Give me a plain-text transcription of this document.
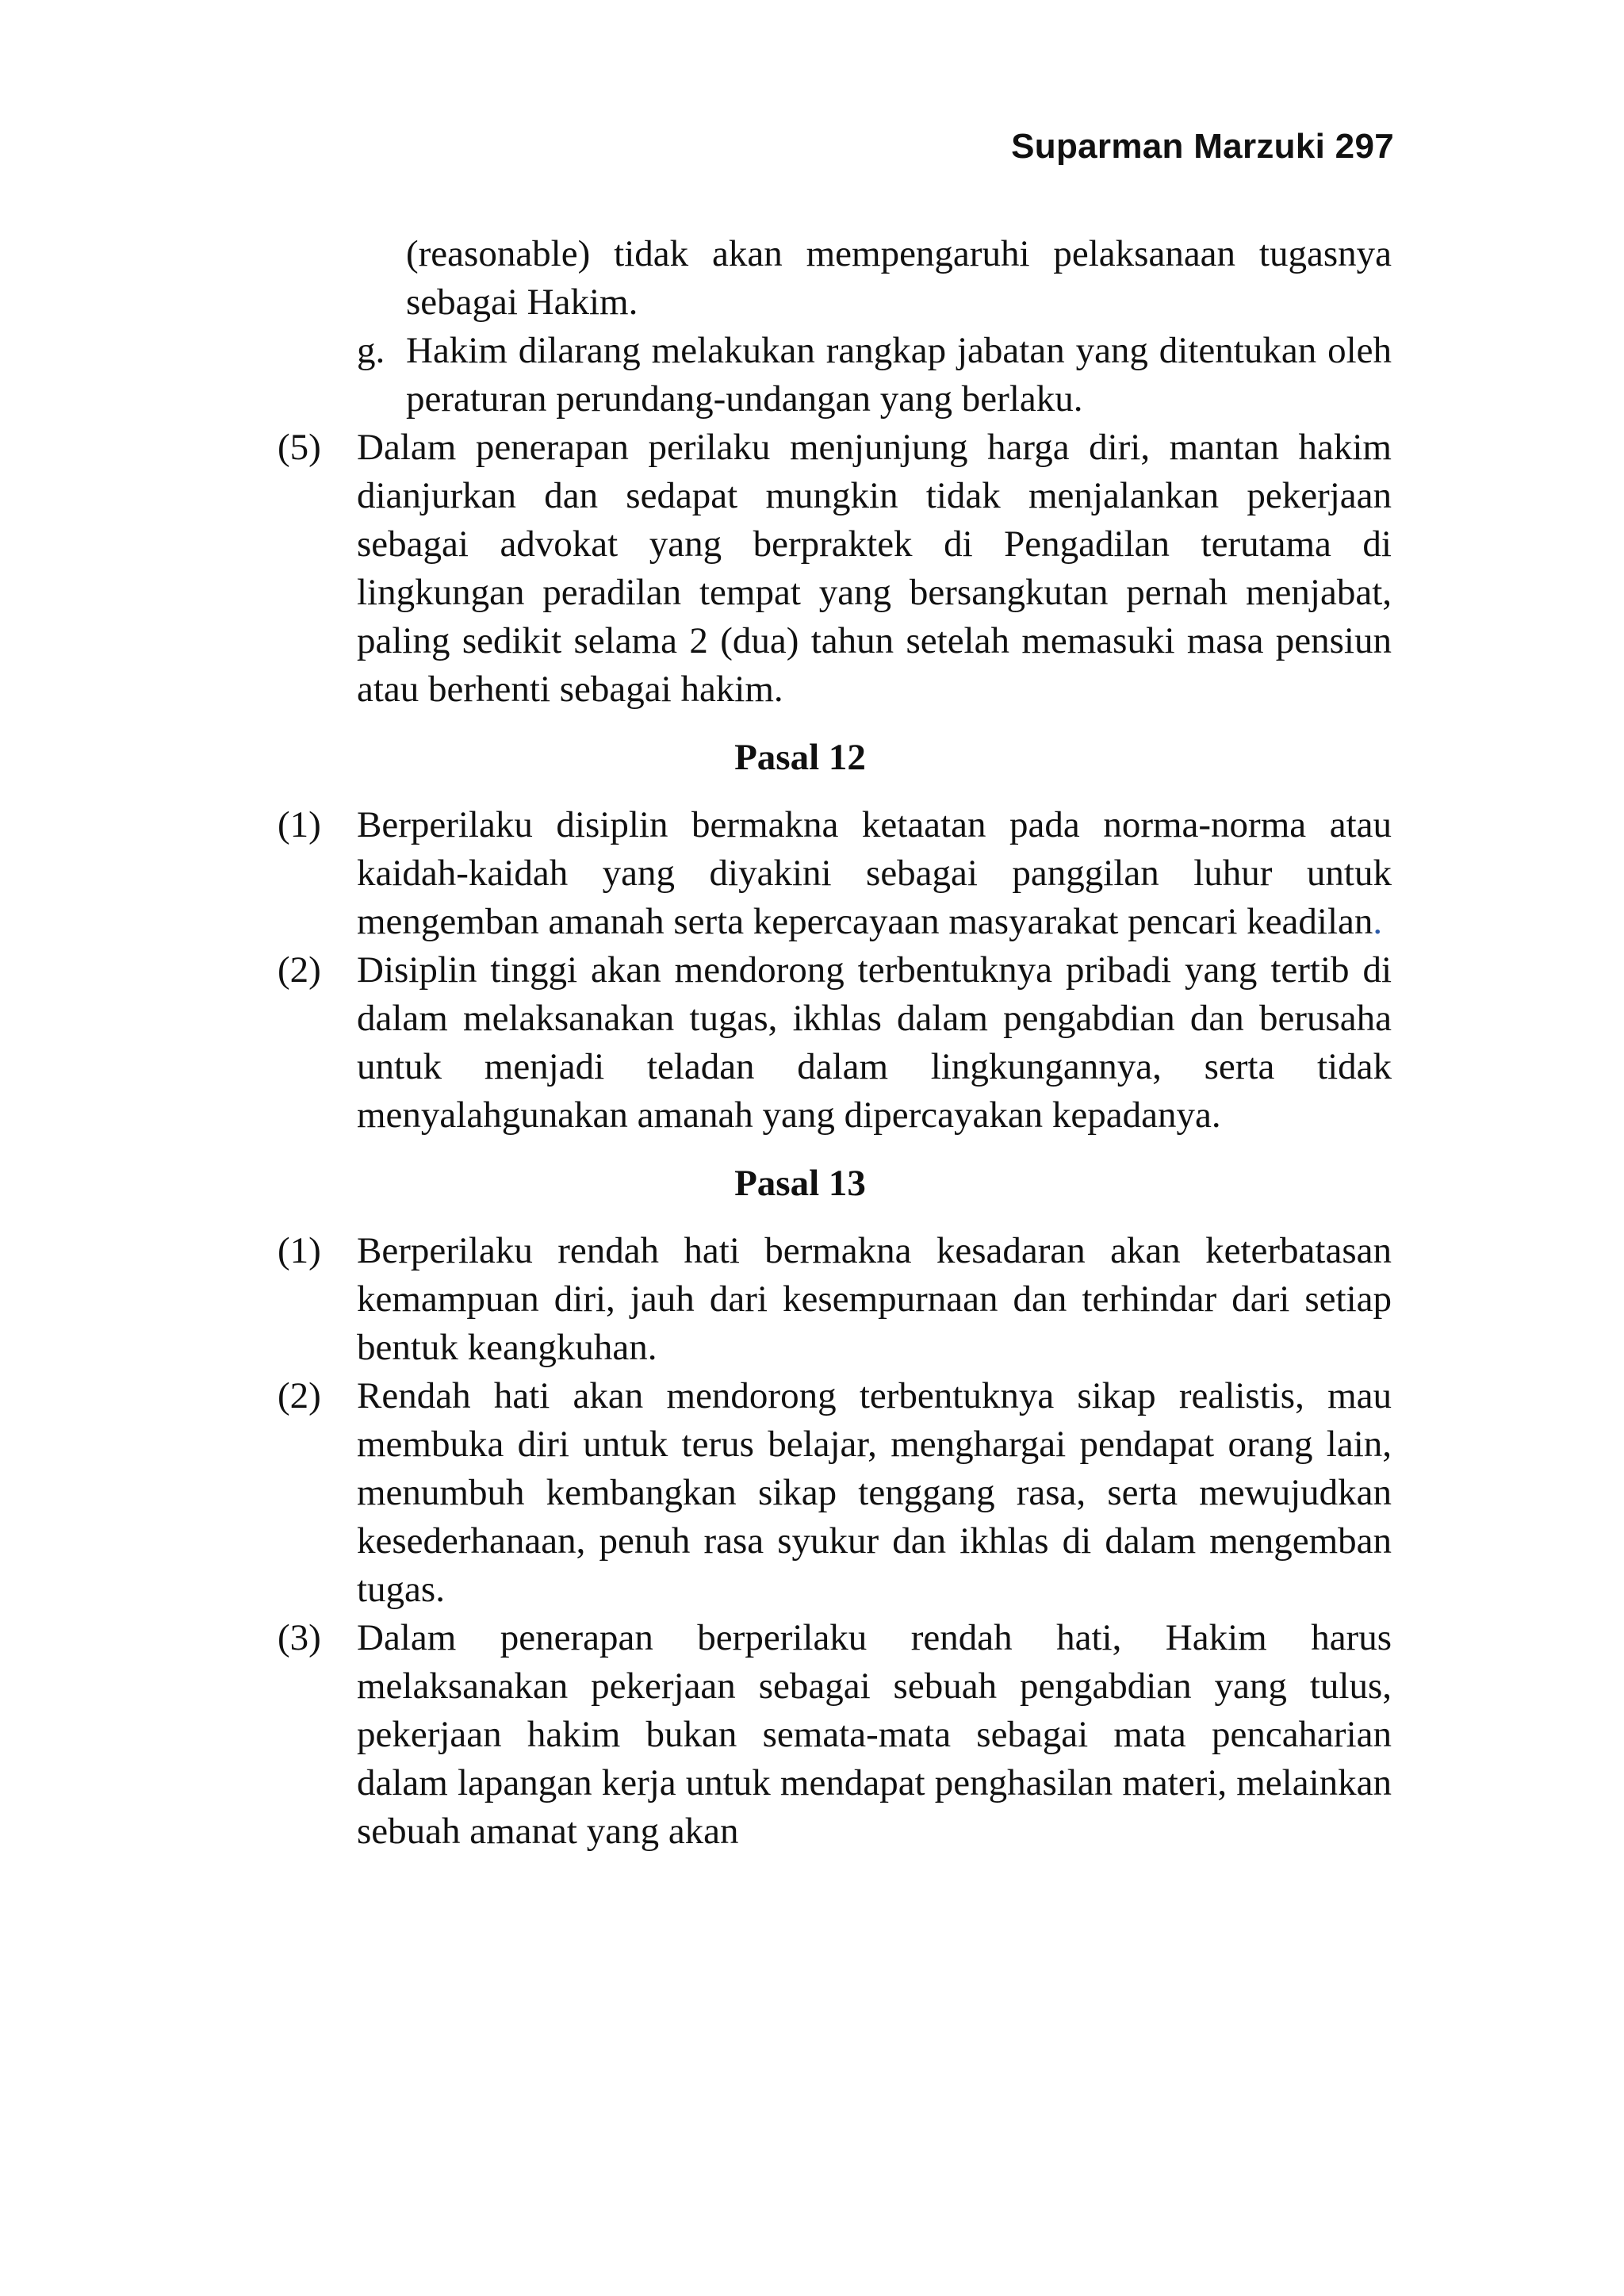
Suparman Marzuki 297
(reasonable) tidak akan mempengaruhi pelaksanaan tugasnya sebagai Hakim.
g. Hakim dilarang melakukan rangkap jabatan yang ditentukan oleh peraturan perundang-undangan yang berlaku.
(5) Dalam penerapan perilaku menjunjung harga diri, mantan hakim dianjurkan dan sedapat mungkin tidak menjalankan pekerjaan sebagai advokat yang berpraktek di Pengadilan terutama di lingkungan peradilan tempat yang bersangkutan pernah menjabat, paling sedikit selama 2 (dua) tahun setelah memasuki masa pensiun atau berhenti sebagai hakim.
Pasal 12
(1) Berperilaku disiplin bermakna ketaatan pada norma-norma atau kaidah-kaidah yang diyakini sebagai panggilan luhur untuk mengemban amanah serta kepercayaan masyarakat pencari keadilan.
(2) Disiplin tinggi akan mendorong terbentuknya pribadi yang tertib di dalam melaksanakan tugas, ikhlas dalam pengabdian dan berusaha untuk menjadi teladan dalam lingkungannya, serta tidak menyalahgunakan amanah yang dipercayakan kepadanya.
Pasal 13
(1) Berperilaku rendah hati bermakna kesadaran akan keterbatasan kemampuan diri, jauh dari kesempurnaan dan terhindar dari setiap bentuk keangkuhan.
(2) Rendah hati akan mendorong terbentuknya sikap realistis, mau membuka diri untuk terus belajar, menghargai pendapat orang lain, menumbuh kembangkan sikap tenggang rasa, serta mewujudkan kesederhanaan, penuh rasa syukur dan ikhlas di dalam mengemban tugas.
(3) Dalam penerapan berperilaku rendah hati, Hakim harus melaksanakan pekerjaan sebagai sebuah pengabdian yang tulus, pekerjaan hakim bukan semata-mata sebagai mata pencaharian dalam lapangan kerja untuk mendapat penghasilan materi, melainkan sebuah amanat yang akan
